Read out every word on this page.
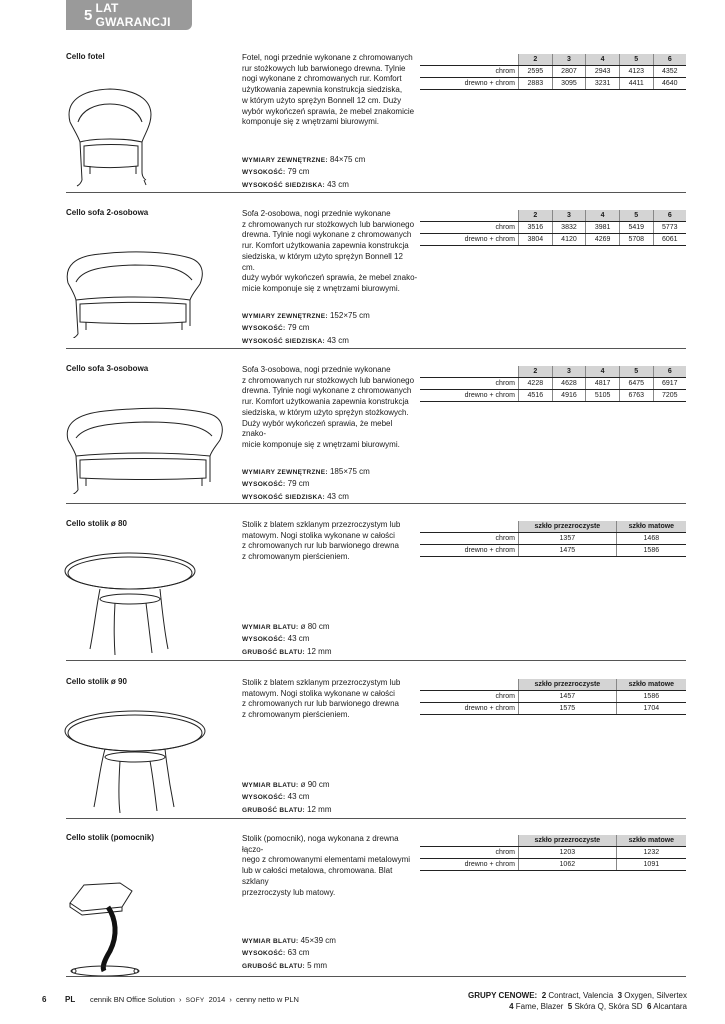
5 LAT GWARANCJI
Cello fotel	Fotel, nogi przednie wykonane z chromowanych
rur stożkowych lub barwionego drewna. Tylnie
nogi wykonane z chromowanych rur. Komfort
użytkowania zapewnia konstrukcja siedziska,
w którym użyto sprężyn Bonnell 12 cm. Duży
wybór wykończeń sprawia, że mebel znakomicie
komponuje się z wnętrzami biurowymi.
WYMIARY ZEWNĘTRZNE: 84×75 cm
WYSOKOŚĆ: 79 cm
WYSOKOŚĆ SIEDZISKA: 43 cm
	2	3	4	5	6
chrom	2595	2807	2943	4123	4352
drewno + chrom	2883	3095	3231	4411	4640
Cello sofa 2-osobowa	Sofa 2-osobowa, nogi przednie wykonane
z chromowanych rur stożkowych lub barwionego
drewna. Tylnie nogi wykonane z chromowanych
rur. Komfort użytkowania zapewnia konstrukcja
siedziska, w którym użyto sprężyn Bonnell 12 cm.
duży wybór wykończeń sprawia, że mebel znako-
micie komponuje się z wnętrzami biurowymi.
WYMIARY ZEWNĘTRZNE: 152×75 cm
WYSOKOŚĆ: 79 cm
WYSOKOŚĆ SIEDZISKA: 43 cm
	2	3	4	5	6
chrom	3516	3832	3981	5419	5773
drewno + chrom	3804	4120	4269	5708	6061
Cello sofa 3-osobowa	Sofa 3-osobowa, nogi przednie wykonane
z chromowanych rur stożkowych lub barwionego
drewna. Tylnie nogi wykonane z chromowanych
rur. Komfort użytkowania zapewnia konstrukcja
siedziska, w którym użyto sprężyn stożkowych.
Duży wybór wykończeń sprawia, że mebel znako-
micie komponuje się z wnętrzami biurowymi.
WYMIARY ZEWNĘTRZNE: 185×75 cm
WYSOKOŚĆ: 79 cm
WYSOKOŚĆ SIEDZISKA: 43 cm
	2	3	4	5	6
chrom	4228	4628	4817	6475	6917
drewno + chrom	4516	4916	5105	6763	7205
Cello stolik ø 80	Stolik z blatem szklanym przezroczystym lub
matowym. Nogi stolika wykonane w całości
z chromowanych rur lub barwionego drewna
z chromowanym pierścieniem.
WYMIAR BLATU: ø 80 cm
WYSOKOŚĆ: 43 cm
GRUBOŚĆ BLATU: 12 mm
	szkło przezroczyste	szkło matowe
chrom	1357	1468
drewno + chrom	1475	1586
Cello stolik ø 90	Stolik z blatem szklanym przezroczystym lub
matowym. Nogi stolika wykonane w całości
z chromowanych rur lub barwionego drewna
z chromowanym pierścieniem.
WYMIAR BLATU: ø 90 cm
WYSOKOŚĆ: 43 cm
GRUBOŚĆ BLATU: 12 mm
	szkło przezroczyste	szkło matowe
chrom	1457	1586
drewno + chrom	1575	1704
Cello stolik (pomocnik)	Stolik (pomocnik), noga wykonana z drewna łączo-
nego z chromowanymi elementami metalowymi
lub w całości metalowa, chromowana. Blat szklany
przezroczysty lub matowy.
WYMIAR BLATU: 45×39 cm
WYSOKOŚĆ: 63 cm
GRUBOŚĆ BLATU: 5 mm
	szkło przezroczyste	szkło matowe
chrom	1203	1232
drewno + chrom	1062	1091
6 PL cennik BN Office Solution › SOFY 2014 › cenny netto w PLN	GRUPY CENOWE: 2 Contract, Valencia 3 Oxygen, Silvertex
4 Fame, Blazer 5 Skóra Q, Skóra SD 6 Alcantara
